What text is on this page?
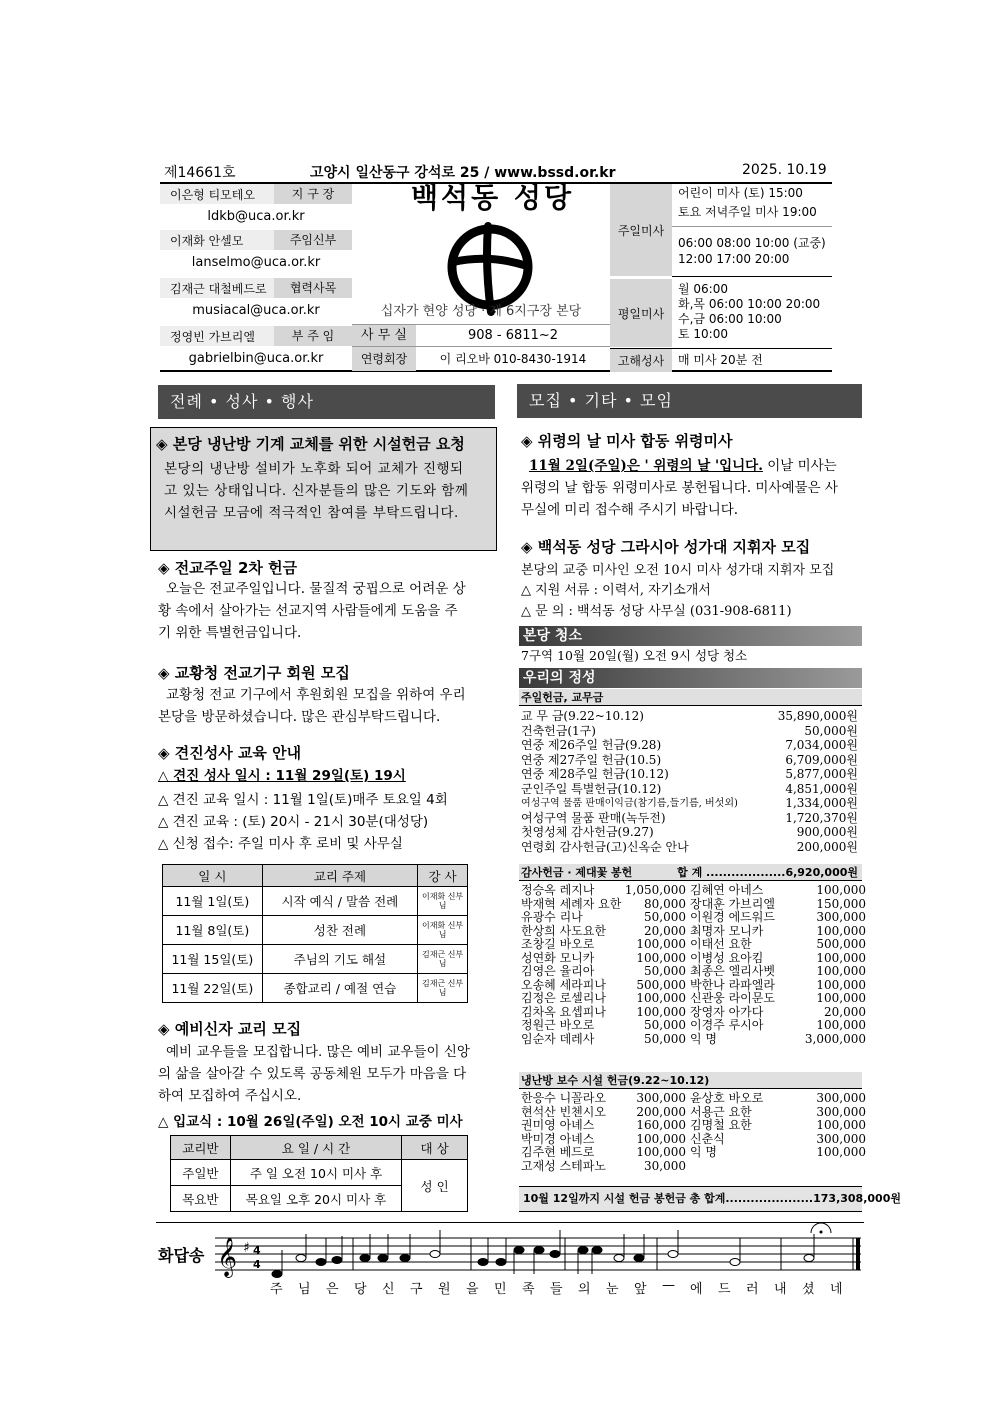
제14661호	고양시 일산동구 강석로 25 / www.bssd.or.kr	2025. 10.19
이은형 티모테오	지 구 장
ldkb@uca.or.kr
이재화 안셀모	주임신부
lanselmo@uca.or.kr
김재근 대철베드로	협력사목
musiacal@uca.or.kr
정영빈 가브리엘	부 주 임
gabrielbin@uca.or.kr
백석동 성당
십자가 현양 성당 · 제 6지구장 본당
사 무 실	908 - 6811~2
연령회장	이 리오바 010-8430-1914
주일미사
어린이 미사 (토) 15:00
토요 저녁주일 미사 19:00
06:00 08:00 10:00 (교중)
12:00 17:00 20:00
평일미사
월 06:00
화,목 06:00 10:00 20:00
수,금 06:00 10:00
토 10:00
고해성사	매 미사 20분 전
전례 • 성사 • 행사
◈ 본당 냉난방 기계 교체를 위한 시설헌금 요청
본당의 냉난방 설비가 노후화 되어 교체가 진행되고 있는 상태입니다. 신자분들의 많은 기도와 함께 시설헌금 모금에 적극적인 참여를 부탁드립니다.
◈ 전교주일 2차 헌금
오늘은 전교주일입니다. 물질적 궁핍으로 어려운 상황 속에서 살아가는 선교지역 사람들에게 도움을 주기 위한 특별헌금입니다.
◈ 교황청 전교기구 회원 모집
교황청 전교 기구에서 후원회원 모집을 위하여 우리 본당을 방문하셨습니다. 많은 관심부탁드립니다.
◈ 견진성사 교육 안내
△ 견진 성사 일시 : 11월 29일(토) 19시
△ 견진 교육 일시 : 11월 1일(토)매주 토요일 4회
△ 견진 교육 : (토) 20시 - 21시 30분(대성당)
△ 신청 접수: 주일 미사 후 로비 및 사무실
일 시	교리 주제	강 사
11월 1일(토)	시작 예식 / 말씀 전례	이재화 신부님
11월 8일(토)	성찬 전례	이재화 신부님
11월 15일(토)	주님의 기도 해설	김재근 신부님
11월 22일(토)	종합교리 / 예절 연습	김재근 신부님
◈ 예비신자 교리 모집
예비 교우들을 모집합니다. 많은 예비 교우들이 신앙의 삶을 살아갈 수 있도록 공동체원 모두가 마음을 다하여 모집하여 주십시오.
△ 입교식 : 10월 26일(주일) 오전 10시 교중 미사
교리반	요 일 / 시 간	대 상
주일반	주 일 오전 10시 미사 후	성 인
목요반	목요일 오후 20시 미사 후	
모집 • 기타 • 모임
◈ 위령의 날 미사 합동 위령미사
11월 2일(주일)은 ' 위령의 날 '입니다. 이날 미사는 위령의 날 합동 위령미사로 봉헌됩니다. 미사예물은 사무실에 미리 접수해 주시기 바랍니다.
◈ 백석동 성당 그라시아 성가대 지휘자 모집
본당의 교중 미사인 오전 10시 미사 성가대 지휘자 모집
△ 지원 서류 : 이력서, 자기소개서
△ 문 의 : 백석동 성당 사무실 (031-908-6811)
본당 청소
7구역 10월 20일(월) 오전 9시 성당 청소
우리의 정성
주일헌금, 교무금
교 무 금(9.22~10.12)	35,890,000원
건축헌금(1구)	50,000원
연중 제26주일 헌금(9.28)	7,034,000원
연중 제27주일 헌금(10.5)	6,709,000원
연중 제28주일 헌금(10.12)	5,877,000원
군인주일 특별헌금(10.12)	4,851,000원
여성구역 물품 판매이익금(참기름,들기름, 버섯외)	1,334,000원
여성구역 물품 판매(녹두전)	1,720,370원
첫영성체 감사헌금(9.27)	900,000원
연령회 감사헌금(고)신옥순 안나	200,000원
감사헌금 · 제대꽃 봉헌	합 계 ...................6,920,000원
정승옥 레지나	1,050,000 김혜연 아네스	100,000
박재혁 세례자 요한 80,000 장대훈 가브리엘	150,000
유광수 리나	50,000 이원경 에드워드	300,000
한상희 사도요한	20,000 최명자 모니카	100,000
조창길 바오로	100,000 이태선 요한	500,000
성연화 모니카	100,000 이병성 요아킴	100,000
김영은 율리아	50,000 최종은 엘리사벳	100,000
오송혜 세라피나	500,000 박한나 라파엘라	100,000
김정은 로셀리나	100,000 신관웅 라이문도	100,000
김차옥 요셉피나	100,000 장영자 아가다	20,000
정원근 바오로	50,000 이경주 루시아	100,000
임순자 데레사	50,000 익 명	3,000,000
냉난방 보수 시설 헌금(9.22~10.12)
한응수 니꼴라오	300,000 윤상호 바오로	300,000
현석산 빈첸시오	200,000 서용근 요한	300,000
권미영 아녜스	160,000 김명철 요한	100,000
박미경 아녜스	100,000 신춘식	300,000
김주현 베드로	100,000 익 명	100,000
고재성 스테파노	30,000
10월 12일까지 시설 헌금 봉헌금 총 합계.....................173,308,000원
화답송 𝄞 ♯ 4
4
주 님 은 당 신 구 원 을 민 족 들 의 눈 앞 — 에 드 러 내 셨 네
